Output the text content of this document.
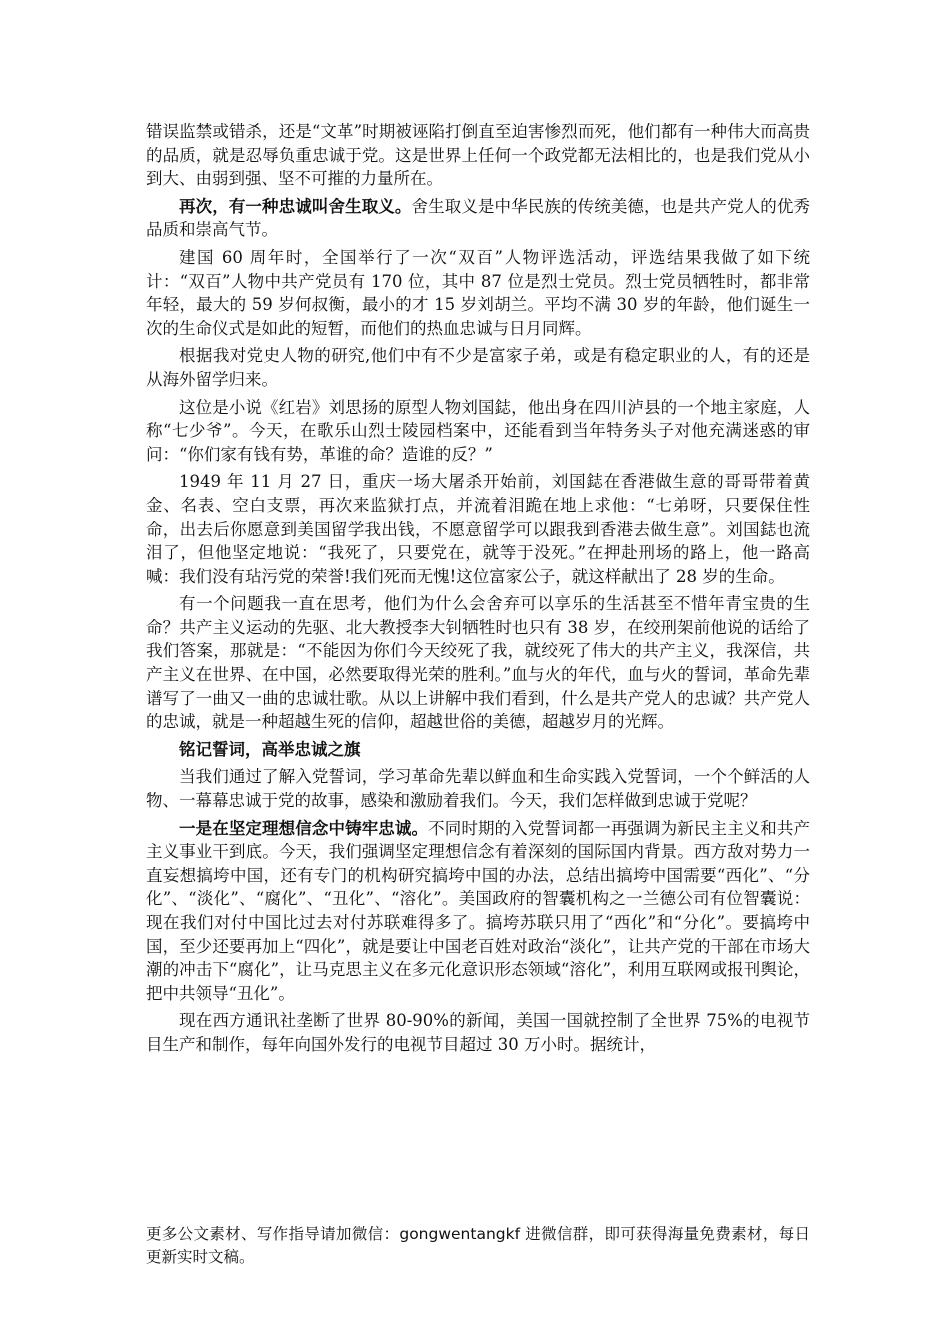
错误监禁或错杀，还是“文革”时期被诬陷打倒直至迫害惨烈而死，他们都有一种伟大而高贵的品质，就是忍辱负重忠诚于党。这是世界上任何一个政党都无法相比的，也是我们党从小到大、由弱到强、坚不可摧的力量所在。

再次，有一种忠诚叫舍生取义。舍生取义是中华民族的传统美德，也是共产党人的优秀品质和崇高气节。

建国 60 周年时，全国举行了一次“双百”人物评选活动，评选结果我做了如下统计：“双百”人物中共产党员有 170 位，其中 87 位是烈士党员。烈士党员牺牲时，都非常年轻，最大的 59 岁何叔衡，最小的才 15 岁刘胡兰。平均不满 30 岁的年龄，他们诞生一次的生命仪式是如此的短暂，而他们的热血忠诚与日月同辉。

根据我对党史人物的研究,他们中有不少是富家子弟，或是有稳定职业的人，有的还是从海外留学归来。

这位是小说《红岩》刘思扬的原型人物刘国鋕，他出身在四川泸县的一个地主家庭，人称“七少爷”。今天，在歌乐山烈士陵园档案中，还能看到当年特务头子对他充满迷惑的审问：“你们家有钱有势，革谁的命？造谁的反？”

1949 年 11 月 27 日，重庆一场大屠杀开始前，刘国鋕在香港做生意的哥哥带着黄金、名表、空白支票，再次来监狱打点，并流着泪跪在地上求他：“七弟呀，只要保住性命，出去后你愿意到美国留学我出钱，不愿意留学可以跟我到香港去做生意”。刘国鋕也流泪了，但他坚定地说：“我死了，只要党在，就等于没死。”在押赴刑场的路上，他一路高喊：我们没有玷污党的荣誉!我们死而无愧!这位富家公子，就这样献出了 28 岁的生命。

有一个问题我一直在思考，他们为什么会舍弃可以享乐的生活甚至不惜年青宝贵的生命？共产主义运动的先驱、北大教授李大钊牺牲时也只有 38 岁，在绞刑架前他说的话给了我们答案，那就是：“不能因为你们今天绞死了我，就绞死了伟大的共产主义，我深信，共产主义在世界、在中国，必然要取得光荣的胜利。”血与火的年代，血与火的誓词，革命先辈谱写了一曲又一曲的忠诚壮歌。从以上讲解中我们看到，什么是共产党人的忠诚？共产党人的忠诚，就是一种超越生死的信仰，超越世俗的美德，超越岁月的光辉。

铭记誓词，高举忠诚之旗

当我们通过了解入党誓词，学习革命先辈以鲜血和生命实践入党誓词，一个个鲜活的人物、一幕幕忠诚于党的故事，感染和激励着我们。今天，我们怎样做到忠诚于党呢？

一是在坚定理想信念中铸牢忠诚。不同时期的入党誓词都一再强调为新民主主义和共产主义事业干到底。今天，我们强调坚定理想信念有着深刻的国际国内背景。西方敌对势力一直妄想搞垮中国，还有专门的机构研究搞垮中国的办法，总结出搞垮中国需要“西化”、“分化”、“淡化”、“腐化”、“丑化”、“溶化”。美国政府的智囊机构之一兰德公司有位智囊说：现在我们对付中国比过去对付苏联难得多了。搞垮苏联只用了“西化”和“分化”。要搞垮中国，至少还要再加上“四化”，就是要让中国老百姓对政治“淡化”，让共产党的干部在市场大潮的冲击下“腐化”，让马克思主义在多元化意识形态领域“溶化”，利用互联网或报刊舆论，把中共领导“丑化”。

现在西方通讯社垄断了世界 80-90%的新闻，美国一国就控制了全世界 75%的电视节目生产和制作，每年向国外发行的电视节目超过 30 万小时。据统计，

更多公文素材、写作指导请加微信：gongwentangkf 进微信群，即可获得海量免费素材，每日更新实时文稿。
